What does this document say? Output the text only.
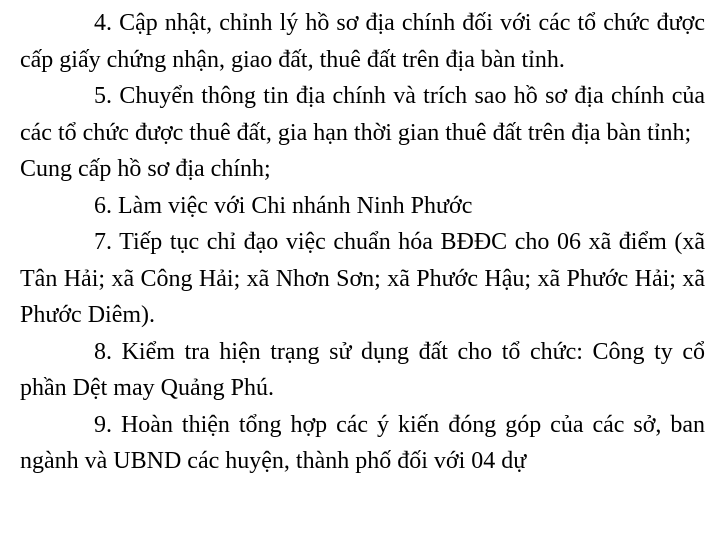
4. Cập nhật, chỉnh lý hồ sơ địa chính đối với các tổ chức được cấp giấy chứng nhận, giao đất, thuê đất trên địa bàn tỉnh.

5. Chuyển thông tin địa chính và trích sao hồ sơ địa chính của các tổ chức được thuê đất, gia hạn thời gian thuê đất trên địa bàn tỉnh;

Cung cấp hồ sơ địa chính;

6. Làm việc với Chi nhánh Ninh Phước

7. Tiếp tục chỉ đạo việc chuẩn hóa BĐĐC cho 06 xã điểm (xã Tân Hải; xã Công Hải; xã Nhơn Sơn; xã Phước Hậu; xã Phước Hải; xã Phước Diêm).

8. Kiểm tra hiện trạng sử dụng đất cho tổ chức: Công ty cổ phần Dệt may Quảng Phú.

9. Hoàn thiện tổng hợp các ý kiến đóng góp của các sở, ban ngành và UBND các huyện, thành phố đối với 04 dự
